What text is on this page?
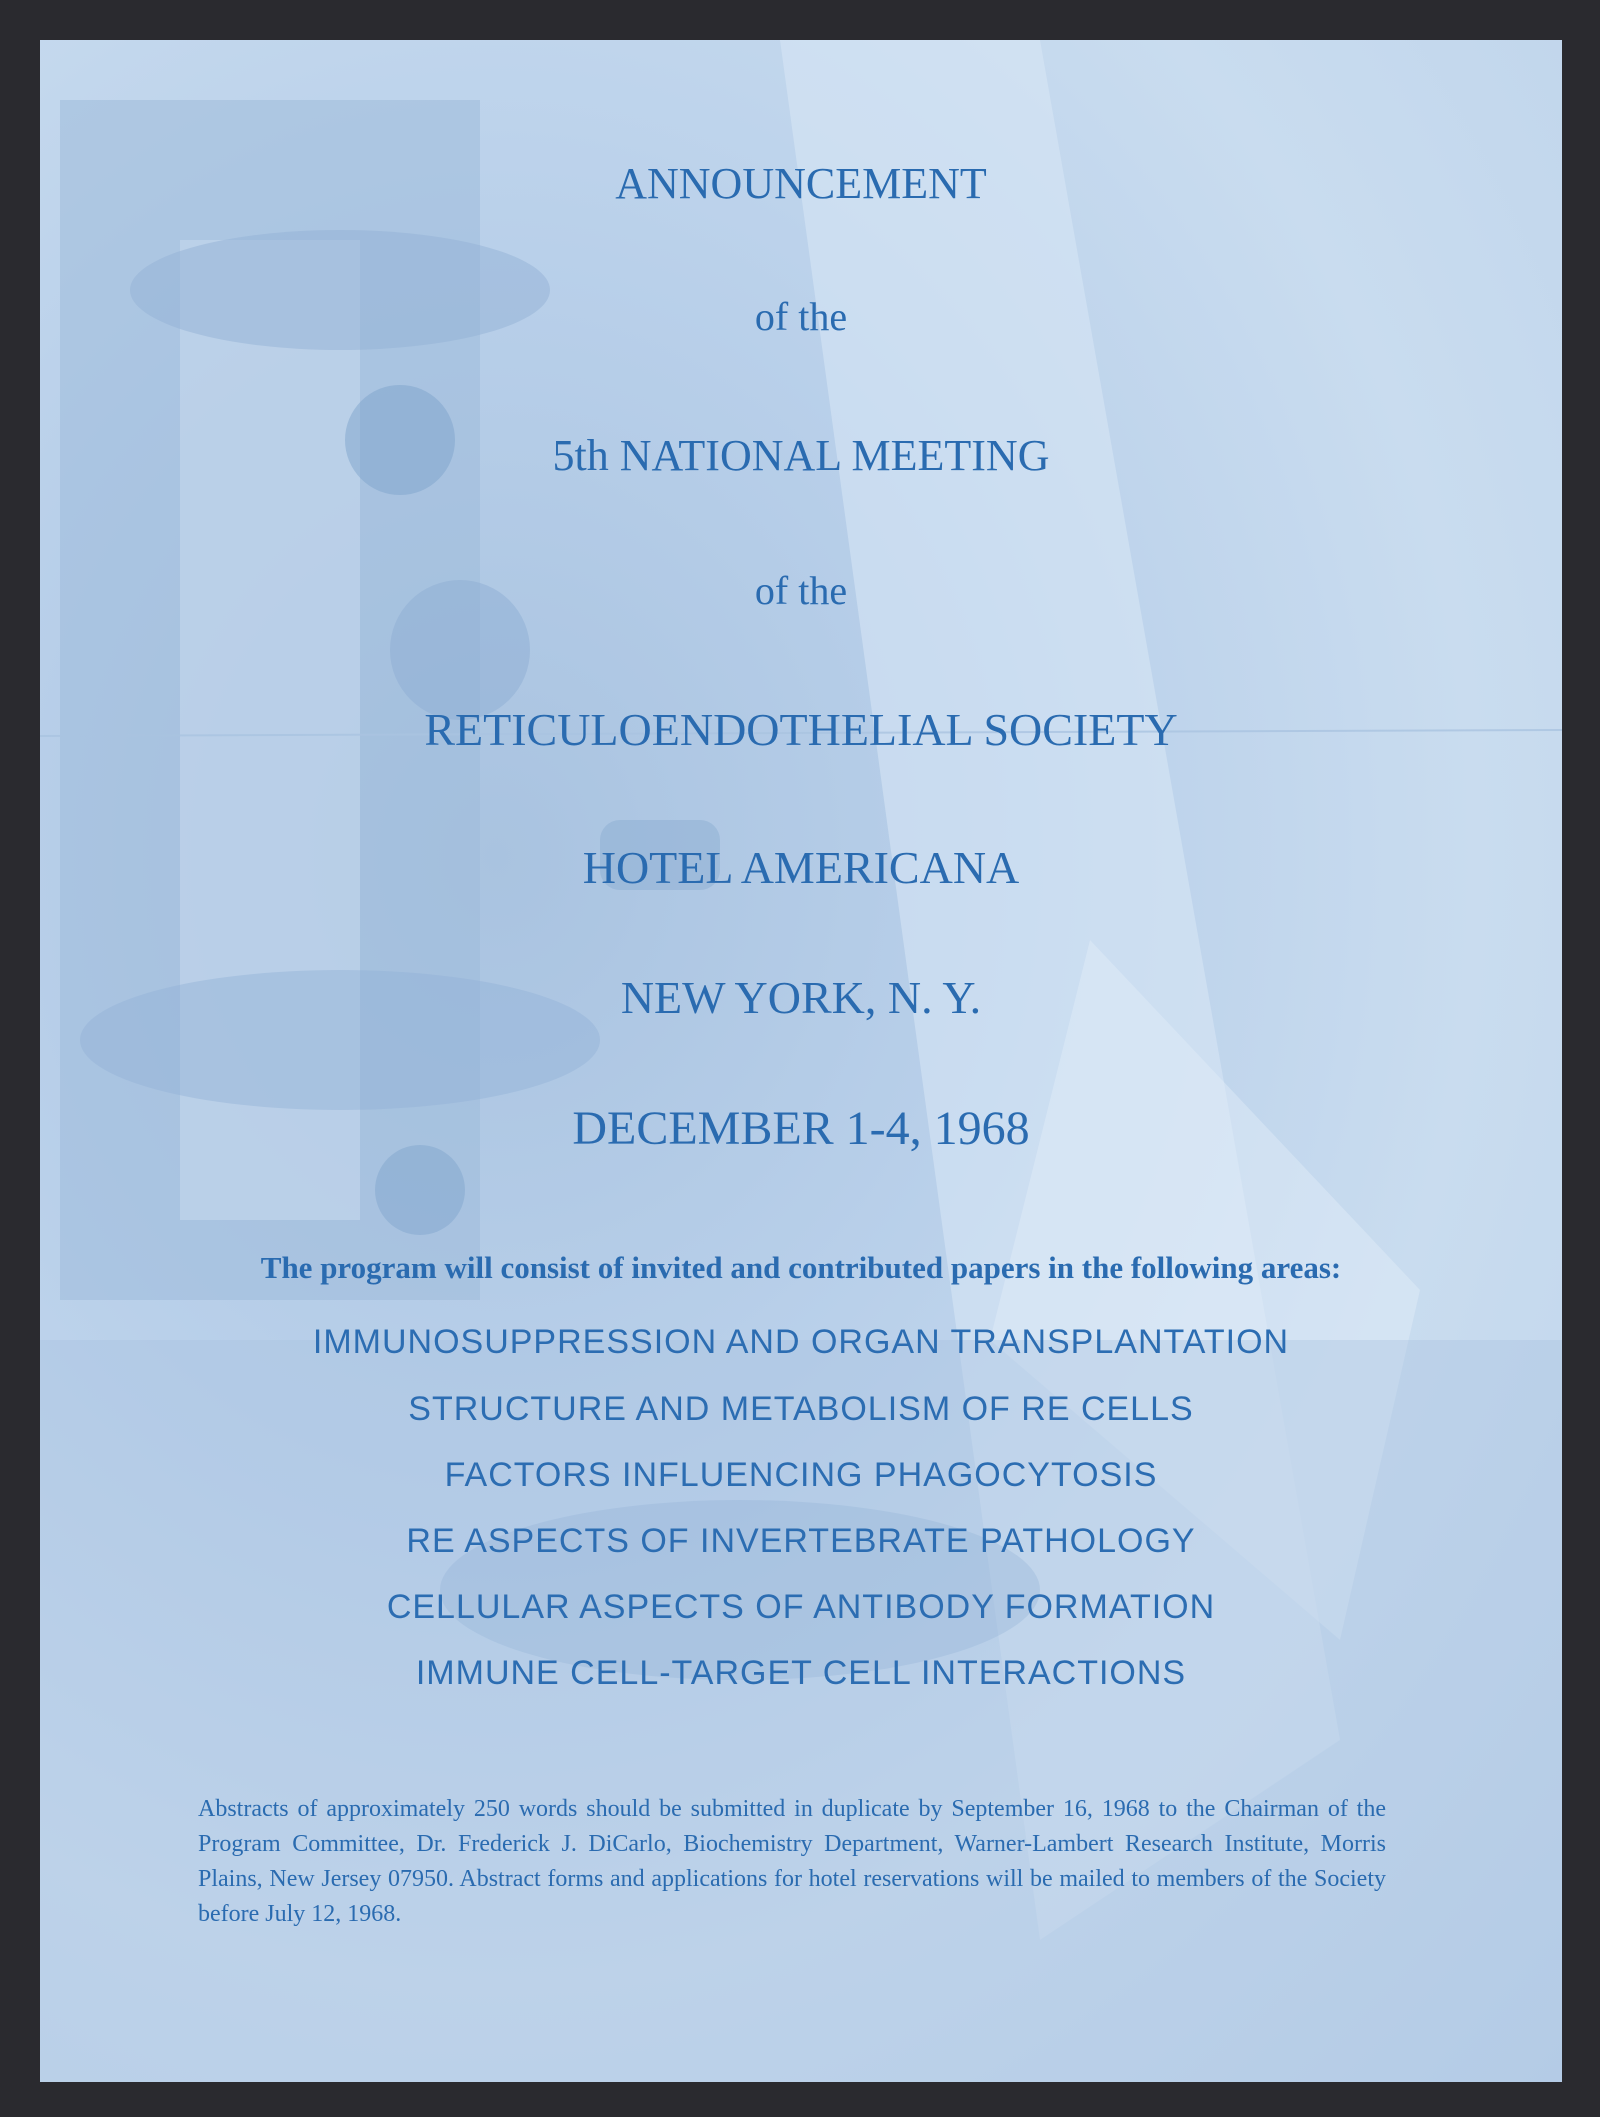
ANNOUNCEMENT
of the
5th NATIONAL MEETING
of the
RETICULOENDOTHELIAL SOCIETY
HOTEL AMERICANA
NEW YORK, N. Y.
DECEMBER 1-4, 1968
The program will consist of invited and contributed papers in the following areas:
IMMUNOSUPPRESSION AND ORGAN TRANSPLANTATION
STRUCTURE AND METABOLISM OF RE CELLS
FACTORS INFLUENCING PHAGOCYTOSIS
RE ASPECTS OF INVERTEBRATE PATHOLOGY
CELLULAR ASPECTS OF ANTIBODY FORMATION
IMMUNE CELL-TARGET CELL INTERACTIONS
Abstracts of approximately 250 words should be submitted in duplicate by September 16, 1968 to the Chairman of the Program Committee, Dr. Frederick J. DiCarlo, Biochemistry Department, Warner-Lambert Research Institute, Morris Plains, New Jersey 07950. Abstract forms and applications for hotel reservations will be mailed to members of the Society before July 12, 1968.
